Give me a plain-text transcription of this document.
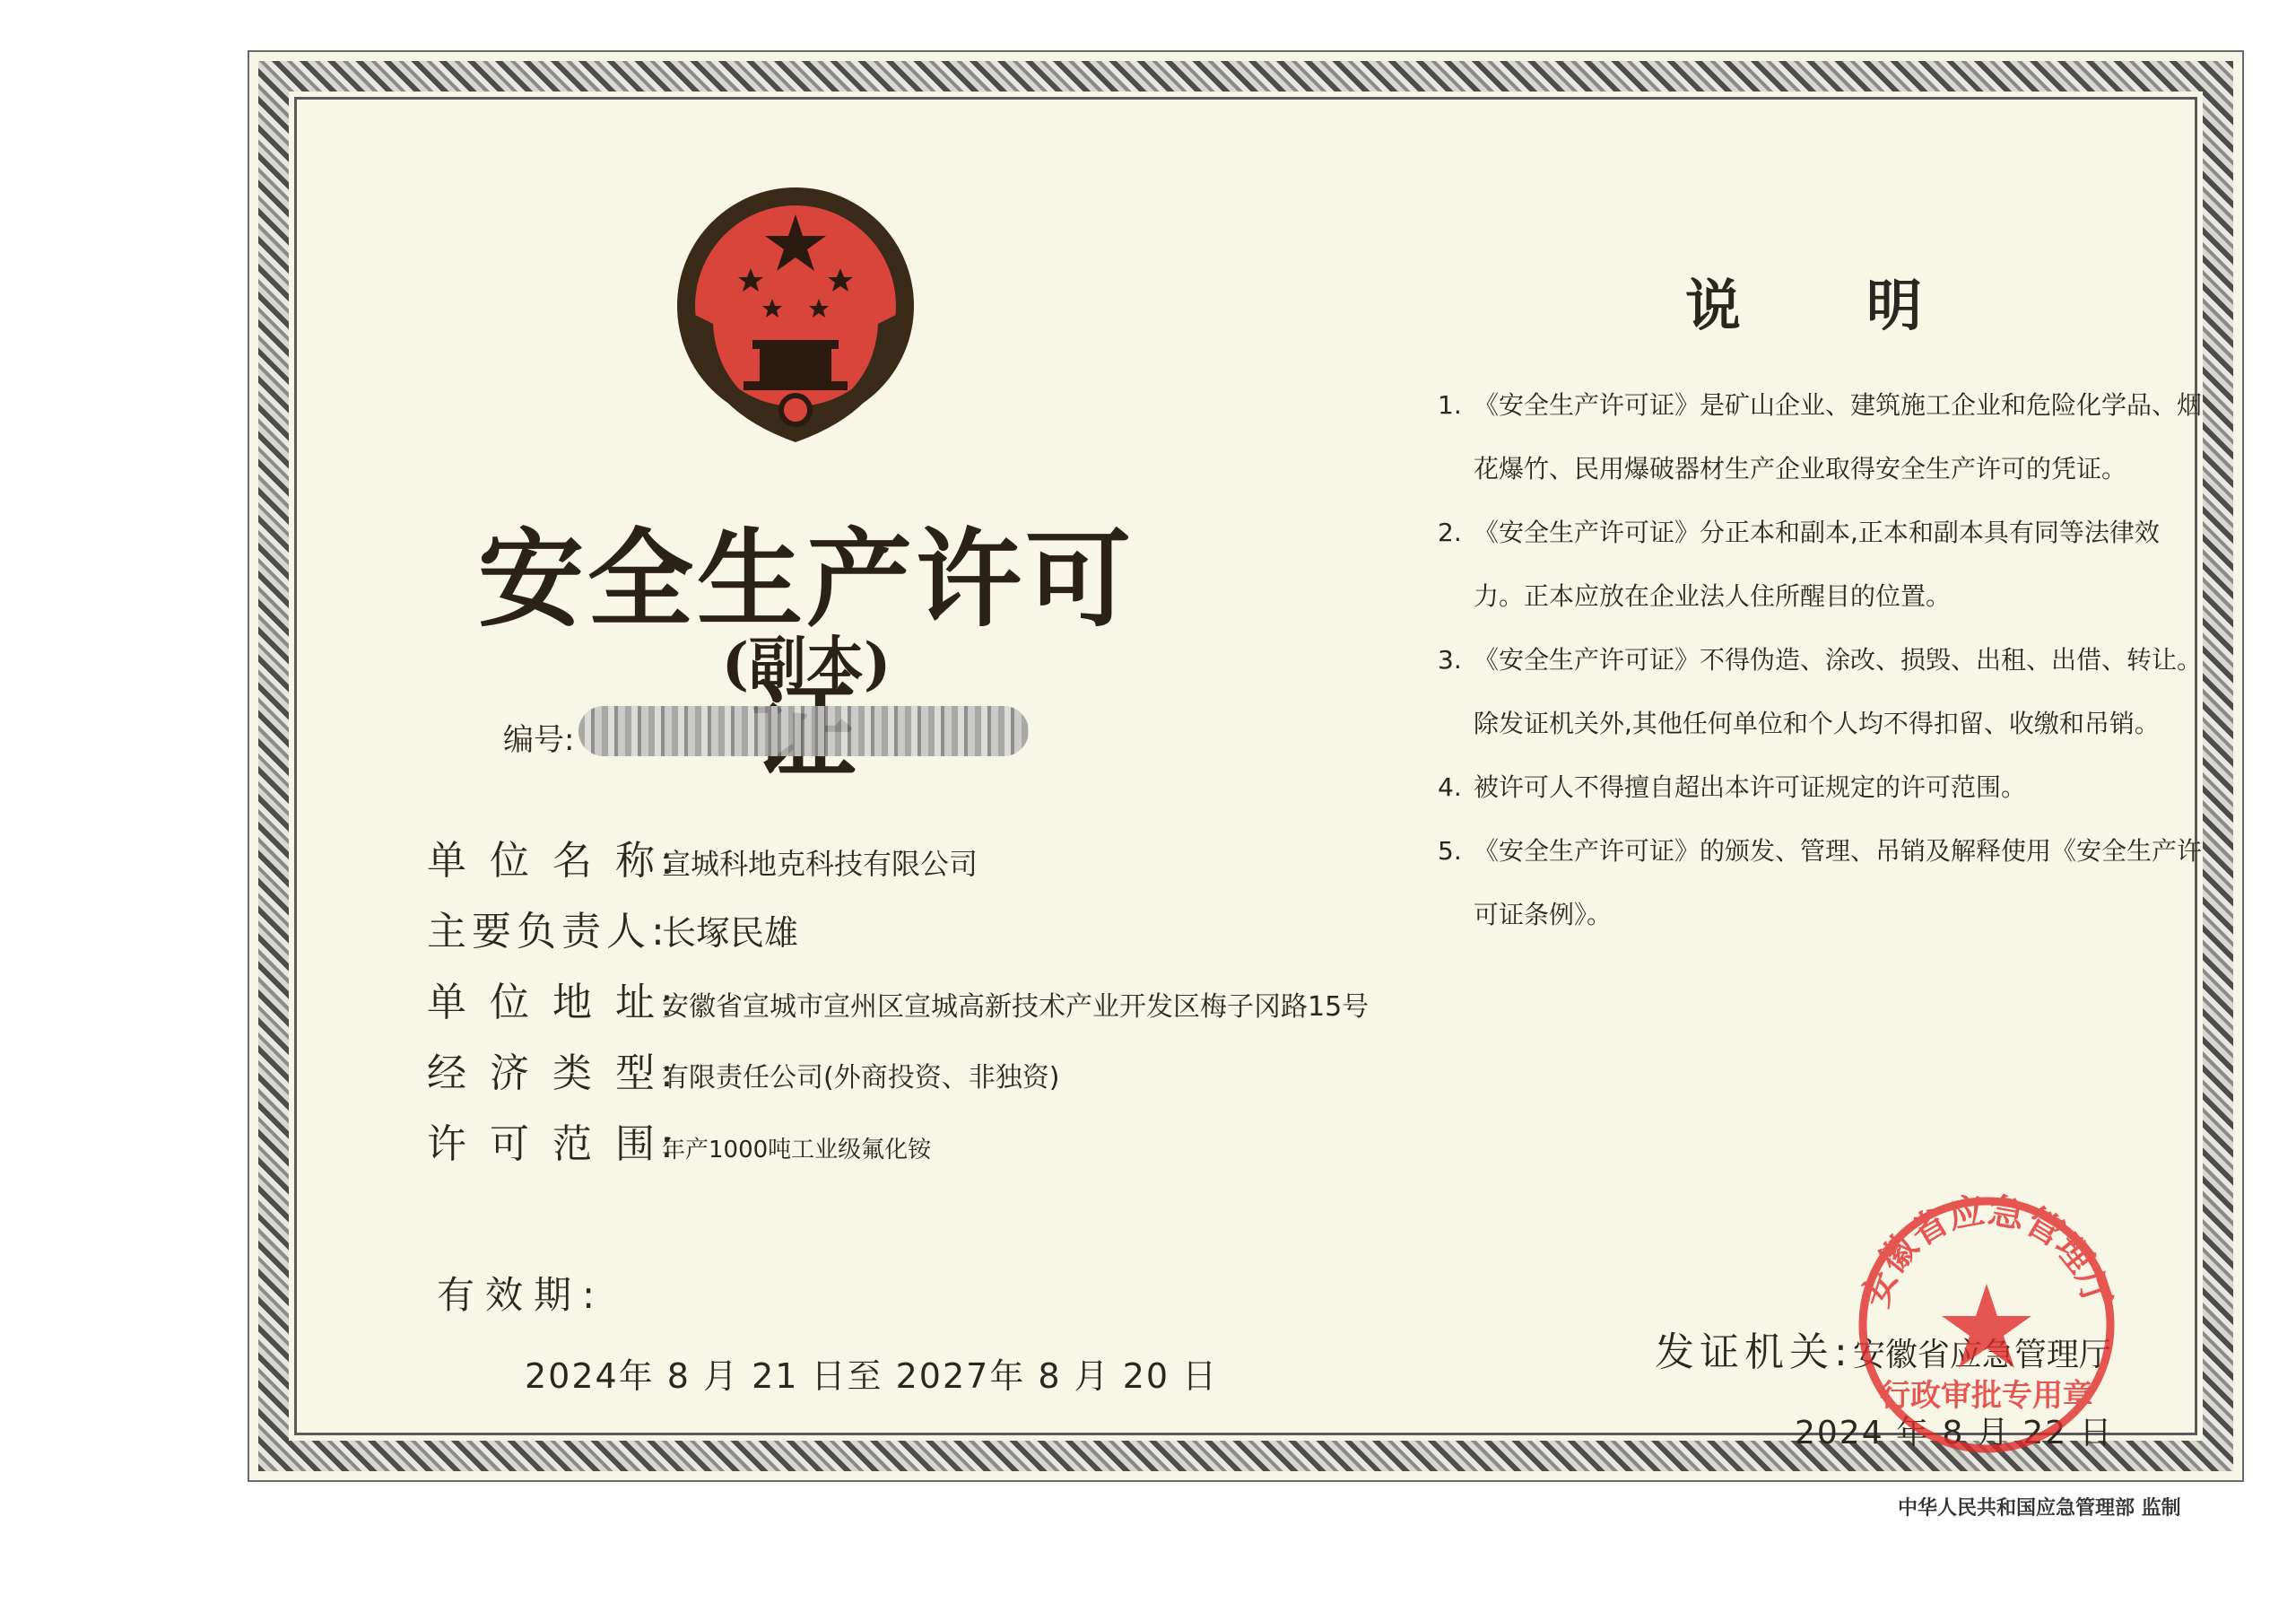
安全生产许可
(副本)
编号:
单 位 名 称:宣城科地克科技有限公司
主要负责人:长塚民雄
单 位 地 址:安徽省宣城市宣州区宣城高新技术产业开发区梅子冈路15号
经 济 类 型:有限责任公司(外商投资、非独资)
许 可 范 围:年产1000吨工业级氟化铵
有效期:
2024年 8 月 21 日至 2027年 8 月 20 日
说明
1. 《安全生产许可证》是矿山企业、建筑施工企业和危险化学品、烟花爆竹、民用爆破器材生产企业取得安全生产许可的凭证。
2. 《安全生产许可证》分正本和副本,正本和副本具有同等法律效力。正本应放在企业法人住所醒目的位置。
3. 《安全生产许可证》不得伪造、涂改、损毁、出租、出借、转让。除发证机关外,其他任何单位和个人均不得扣留、收缴和吊销。
4. 被许可人不得擅自超出本许可证规定的许可范围。
5. 《安全生产许可证》的颁发、管理、吊销及解释使用《安全生产许可证条例》。
发证机关:安徽省应急管理厅
2024 年 8 月 22 日
安徽省应急管理厅
行政审批专用章
中华人民共和国应急管理部 监制
